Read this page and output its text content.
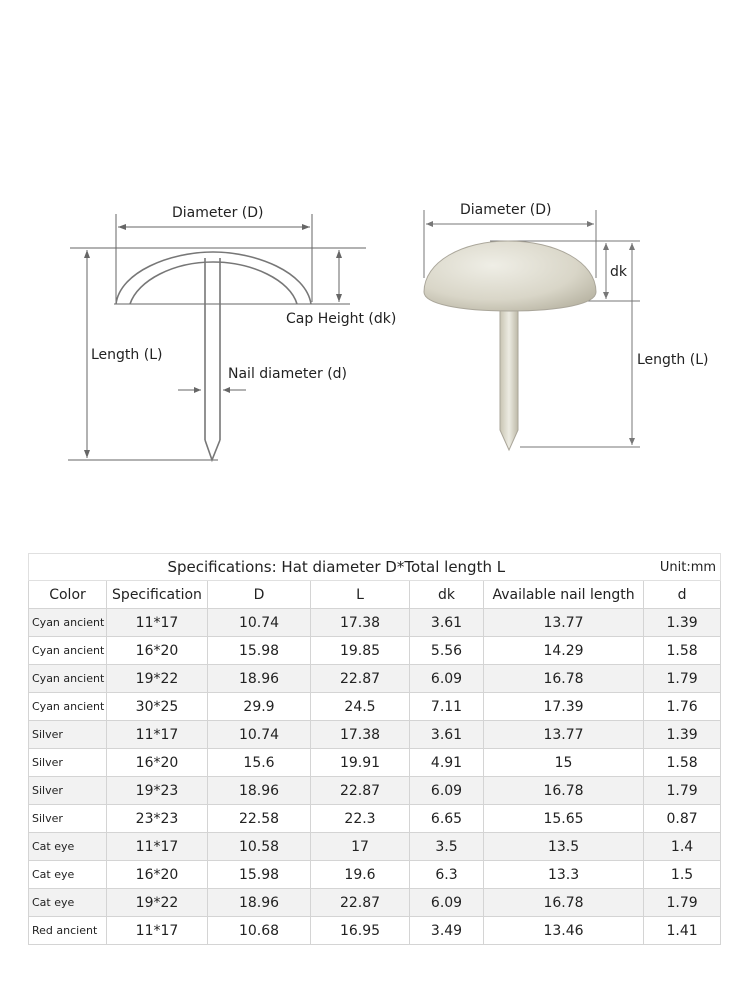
Diameter (D)
Cap Height (dk)
Length (L)
Nail diameter (d)
Diameter (D)
dk
Length (L)
Specifications: Hat diameter D*Total length L						Unit:mm
Color	Specification	D	L	dk	Available nail length	d
Cyan ancient	11*17	10.74	17.38	3.61	13.77	1.39
Cyan ancient	16*20	15.98	19.85	5.56	14.29	1.58
Cyan ancient	19*22	18.96	22.87	6.09	16.78	1.79
Cyan ancient	30*25	29.9	24.5	7.11	17.39	1.76
Silver	11*17	10.74	17.38	3.61	13.77	1.39
Silver	16*20	15.6	19.91	4.91	15	1.58
Silver	19*23	18.96	22.87	6.09	16.78	1.79
Silver	23*23	22.58	22.3	6.65	15.65	0.87
Cat eye	11*17	10.58	17	3.5	13.5	1.4
Cat eye	16*20	15.98	19.6	6.3	13.3	1.5
Cat eye	19*22	18.96	22.87	6.09	16.78	1.79
Red ancient	11*17	10.68	16.95	3.49	13.46	1.41
